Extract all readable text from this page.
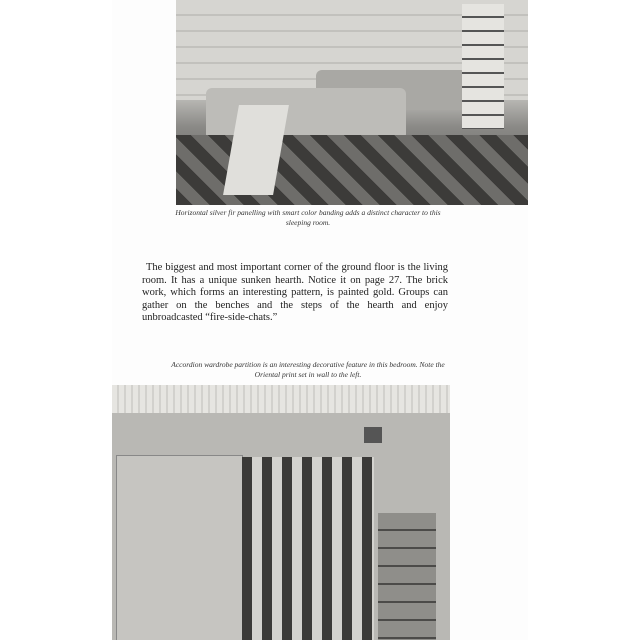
Horizontal silver fir panelling with smart color banding adds a distinct character to this sleeping room.
The biggest and most important corner of the ground floor is the living room. It has a unique sunken hearth. Notice it on page 27. The brick work, which forms an interesting pattern, is painted gold. Groups can gather on the benches and the steps of the hearth and enjoy unbroadcasted “fire-side-chats.”
Accordion wardrobe partition is an interesting decorative feature in this bedroom. Note the Oriental print set in wall to the left.
